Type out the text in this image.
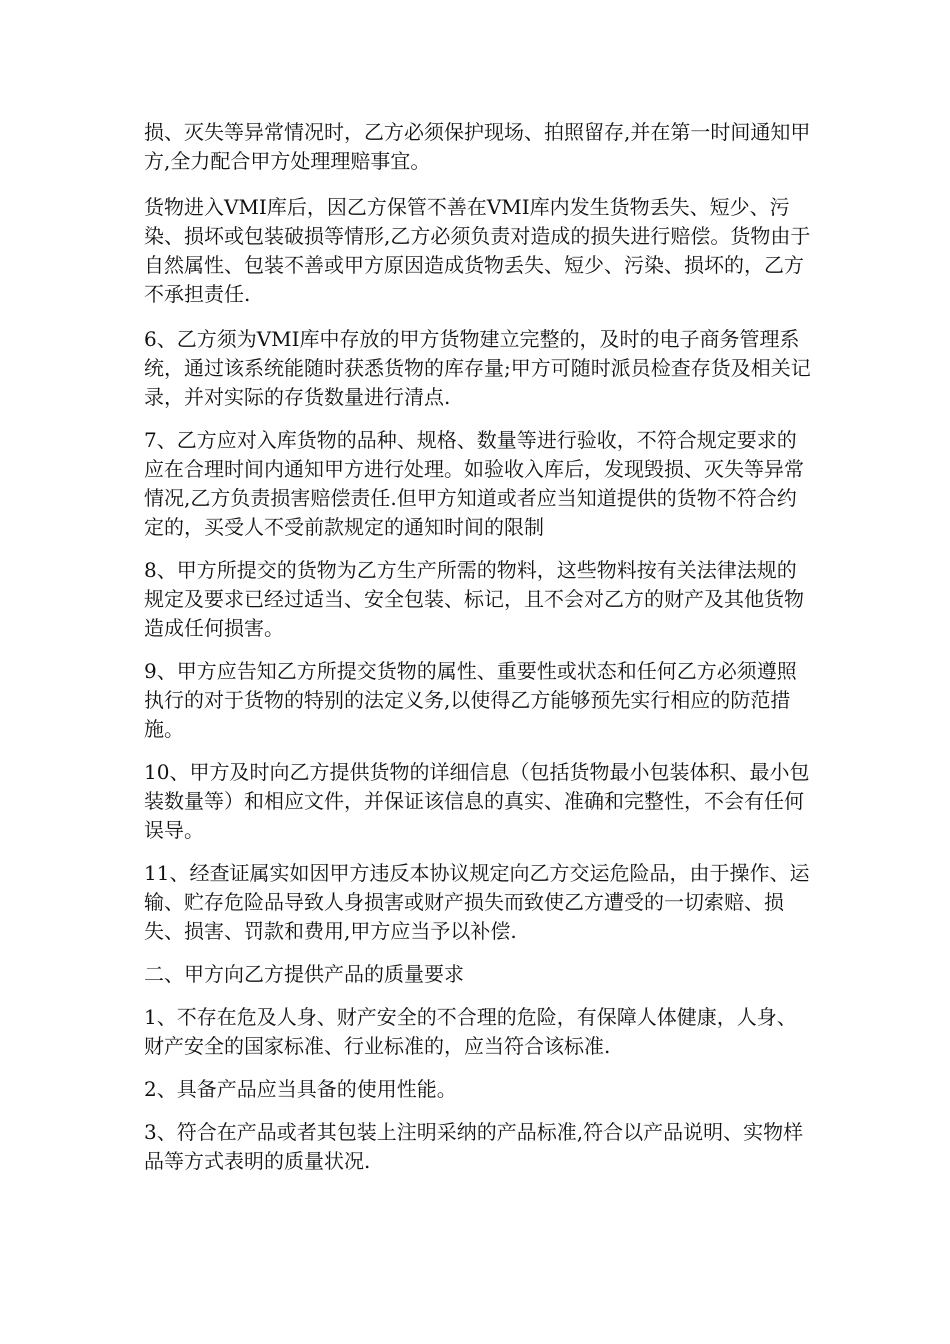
损、灭失等异常情况时，乙方必须保护现场、拍照留存,并在第一时间通知甲方,全力配合甲方处理理赔事宜。

货物进入VMI库后，因乙方保管不善在VMI库内发生货物丢失、短少、污染、损坏或包装破损等情形,乙方必须负责对造成的损失进行赔偿。货物由于自然属性、包装不善或甲方原因造成货物丢失、短少、污染、损坏的，乙方不承担责任.

6、乙方须为VMI库中存放的甲方货物建立完整的，及时的电子商务管理系统，通过该系统能随时获悉货物的库存量;甲方可随时派员检查存货及相关记录，并对实际的存货数量进行清点.

7、乙方应对入库货物的品种、规格、数量等进行验收，不符合规定要求的应在合理时间内通知甲方进行处理。如验收入库后，发现毁损、灭失等异常情况,乙方负责损害赔偿责任.但甲方知道或者应当知道提供的货物不符合约定的，买受人不受前款规定的通知时间的限制

8、甲方所提交的货物为乙方生产所需的物料，这些物料按有关法律法规的规定及要求已经过适当、安全包装、标记，且不会对乙方的财产及其他货物造成任何损害。

9、甲方应告知乙方所提交货物的属性、重要性或状态和任何乙方必须遵照执行的对于货物的特别的法定义务,以使得乙方能够预先实行相应的防范措施。

10、甲方及时向乙方提供货物的详细信息（包括货物最小包装体积、最小包装数量等）和相应文件，并保证该信息的真实、准确和完整性，不会有任何误导。

11、经查证属实如因甲方违反本协议规定向乙方交运危险品，由于操作、运输、贮存危险品导致人身损害或财产损失而致使乙方遭受的一切索赔、损失、损害、罚款和费用,甲方应当予以补偿.

二、甲方向乙方提供产品的质量要求

1、不存在危及人身、财产安全的不合理的危险，有保障人体健康，人身、财产安全的国家标准、行业标准的，应当符合该标准.

2、具备产品应当具备的使用性能。

3、符合在产品或者其包装上注明采纳的产品标准,符合以产品说明、实物样品等方式表明的质量状况.
